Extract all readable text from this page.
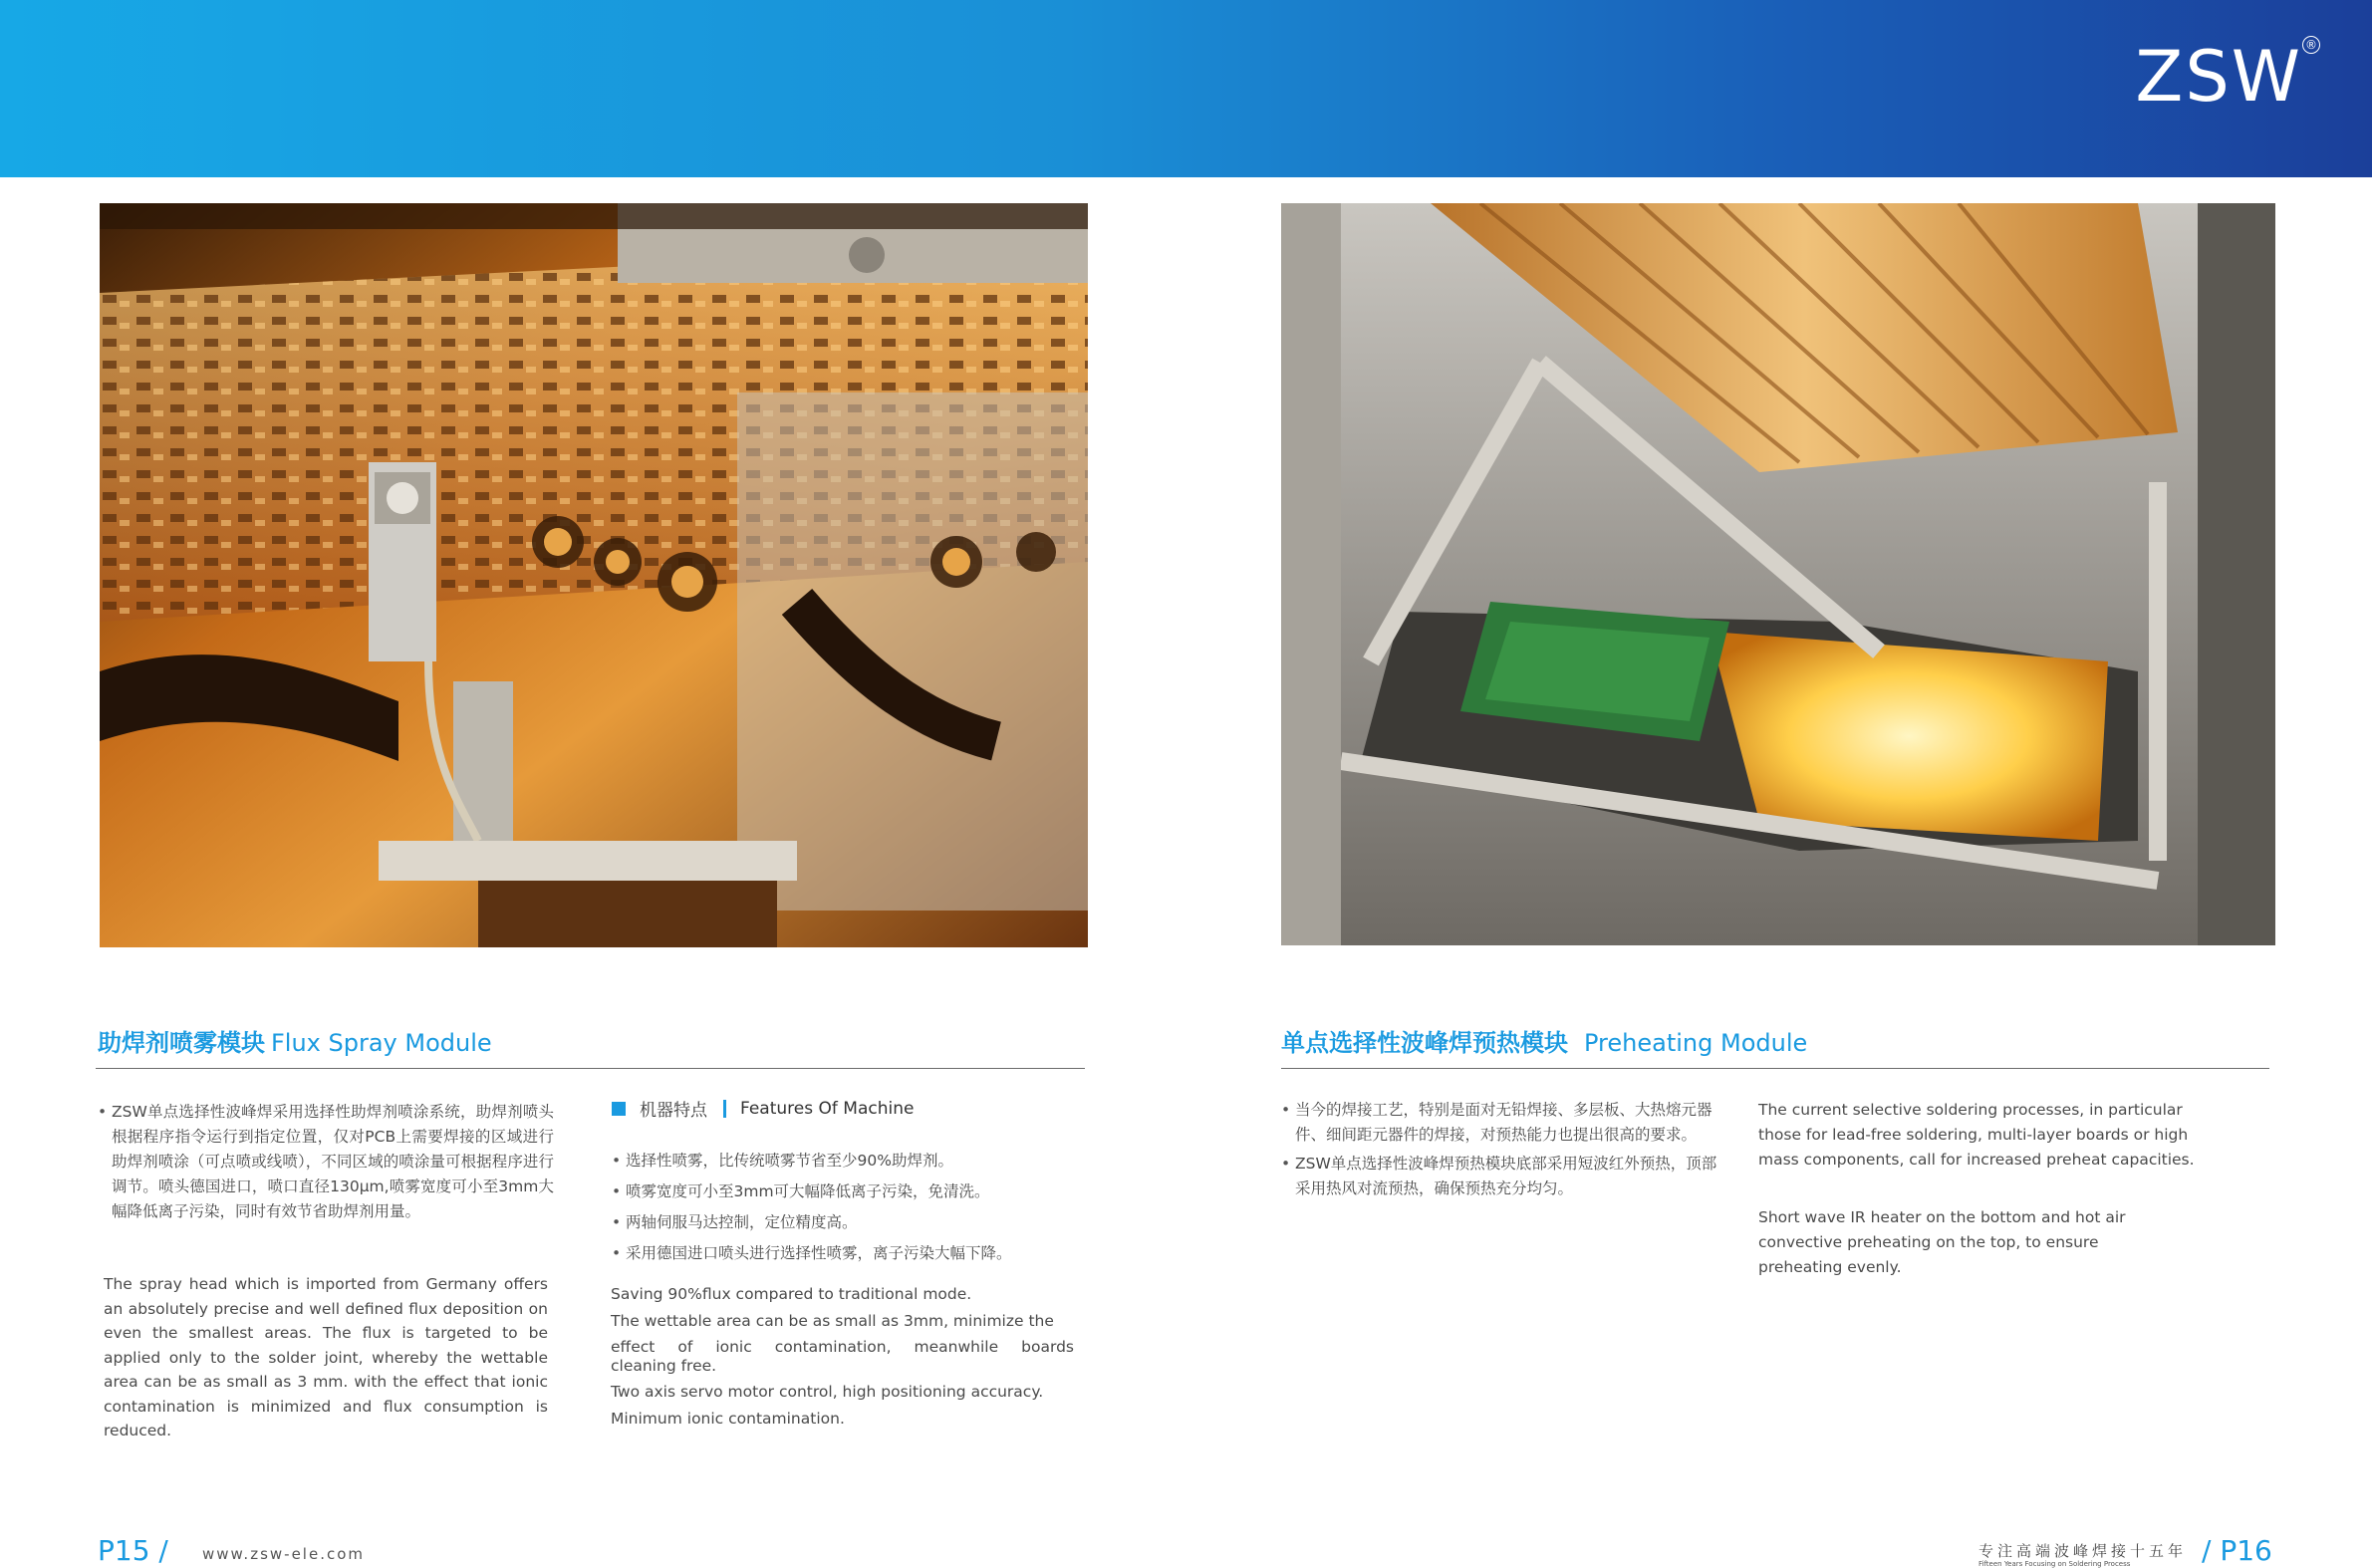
ZSW ®
助焊剂喷雾模块 Flux Spray Module	单点选择性波峰焊预热模块 Preheating Module
• ZSW单点选择性波峰焊采用选择性助焊剂喷涂系统，助焊剂喷头根据程序指令运行到指定位置，仅对PCB上需要焊接的区域进行助焊剂喷涂（可点喷或线喷），不同区域的喷涂量可根据程序进行调节。喷头德国进口，喷口直径130μm,喷雾宽度可小至3mm大幅降低离子污染，同时有效节省助焊剂用量。
The spray head which is imported from Germany offers an absolutely precise and well defined flux deposition on even the smallest areas. The flux is targeted to be applied only to the solder joint, whereby the wettable area can be as small as 3 mm. with the effect that ionic contamination is minimized and flux consumption is reduced.
机器特点 Features Of Machine
• 选择性喷雾，比传统喷雾节省至少90%助焊剂。
• 喷雾宽度可小至3mm可大幅降低离子污染，免清洗。
• 两轴伺服马达控制，定位精度高。
• 采用德国进口喷头进行选择性喷雾，离子污染大幅下降。

Saving 90%flux compared to traditional mode.

The wettable area can be as small as 3mm, minimize the

effect of ionic contamination, meanwhile boards

cleaning free.

Two axis servo motor control, high positioning accuracy.

Minimum ionic contamination.

• 当今的焊接工艺，特别是面对无铅焊接、多层板、大热熔元器件、细间距元器件的焊接，对预热能力也提出很高的要求。
• ZSW单点选择性波峰焊预热模块底部采用短波红外预热，顶部采用热风对流预热，确保预热充分均匀。
The current selective soldering processes, in particular those for lead-free soldering, multi-layer boards or high mass components, call for increased preheat capacities.
Short wave IR heater on the bottom and hot air convective preheating on the top, to ensure preheating evenly.
P15 / www.zsw-ele.com	专注高端波峰焊接十五年
Fifteen Years Focusing on Soldering Process	/ P16
